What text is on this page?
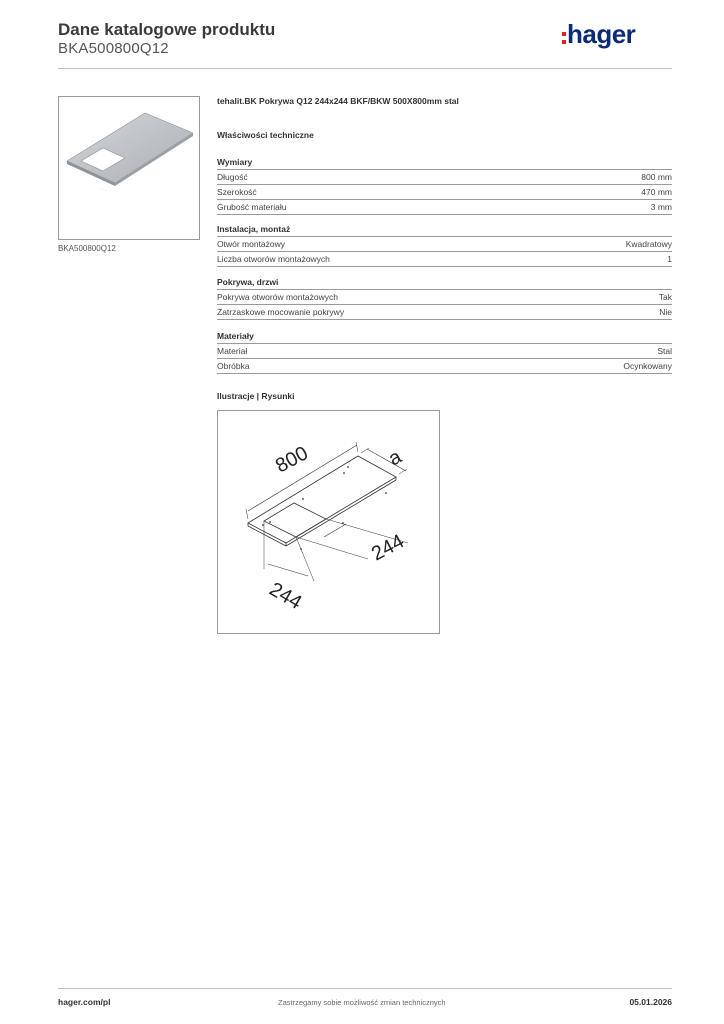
Dane katalogowe produktu
BKA500800Q12	hager
· · · · ·
BKA500800Q12
tehalit.BK Pokrywa Q12 244x244 BKF/BKW 500X800mm stal
Właściwości techniczne
Wymiary
Długość	800 mm
Szerokość	470 mm
Grubość materiału	3 mm
Instalacja, montaż
Otwór montażowy	Kwadratowy
Liczba otworów montażowych	1
Pokrywa, drzwi
Pokrywa otworów montażowych	Tak
Zatrzaskowe mocowanie pokrywy	Nie
Materiały
Materiał	Stal
Obróbka	Ocynkowany
Ilustracje | Rysunki
800	a
244
244
hager.com/pl	Zastrzegamy sobie możliwość zmian technicznych	05.01.2026
